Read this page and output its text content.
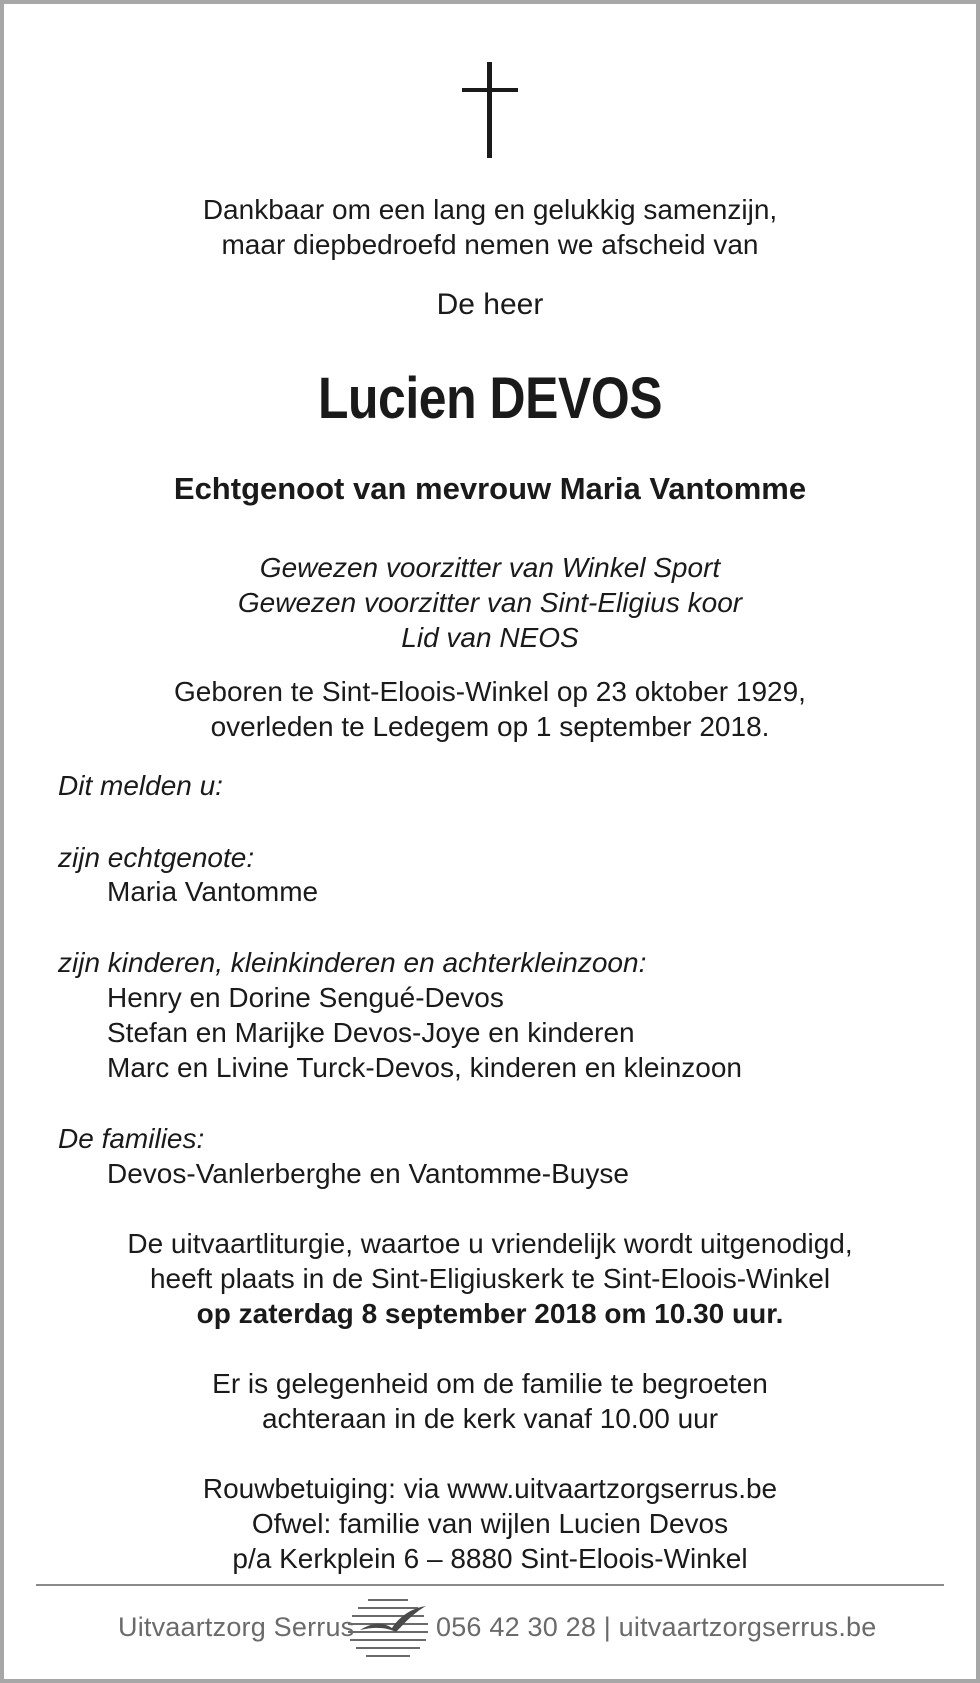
Dankbaar om een lang en gelukkig samenzijn,
maar diepbedroefd nemen we afscheid van
De heer
Lucien DEVOS
Echtgenoot van mevrouw Maria Vantomme
Gewezen voorzitter van Winkel Sport
Gewezen voorzitter van Sint-Eligius koor
Lid van NEOS
Geboren te Sint-Eloois-Winkel op 23 oktober 1929,
overleden te Ledegem op 1 september 2018.
Dit melden u:
zijn echtgenote:
Maria Vantomme
zijn kinderen, kleinkinderen en achterkleinzoon:
Henry en Dorine Sengué-Devos
Stefan en Marijke Devos-Joye en kinderen
Marc en Livine Turck-Devos, kinderen en kleinzoon
De families:
Devos-Vanlerberghe en Vantomme-Buyse
De uitvaartliturgie, waartoe u vriendelijk wordt uitgenodigd,
heeft plaats in de Sint-Eligiuskerk te Sint-Eloois-Winkel
op zaterdag 8 september 2018 om 10.30 uur.
Er is gelegenheid om de familie te begroeten
achteraan in de kerk vanaf 10.00 uur
Rouwbetuiging: via www.uitvaartzorgserrus.be
Ofwel: familie van wijlen Lucien Devos
p/a Kerkplein 6 – 8880 Sint-Eloois-Winkel
Uitvaartzorg Serrus	056 42 30 28 | uitvaartzorgserrus.be
